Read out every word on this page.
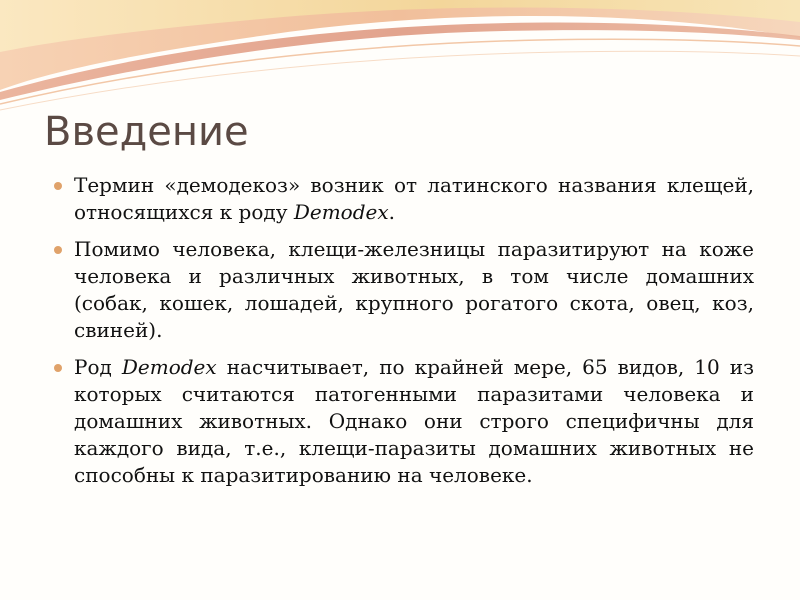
Введение
Термин «демодекоз» возник от латинского названия клещей, относящихся к роду Demodex.
Помимо человека, клещи-железницы паразитируют на коже человека и различных животных, в том числе домашних (собак, кошек, лошадей, крупного рогатого скота, овец, коз, свиней).
Род Demodex насчитывает, по крайней мере, 65 видов, 10 из которых считаются патогенными паразитами человека и домашних животных. Однако они строго специфичны для каждого вида, т.е., клещи-паразиты домашних животных не способны к паразитированию на человеке.
